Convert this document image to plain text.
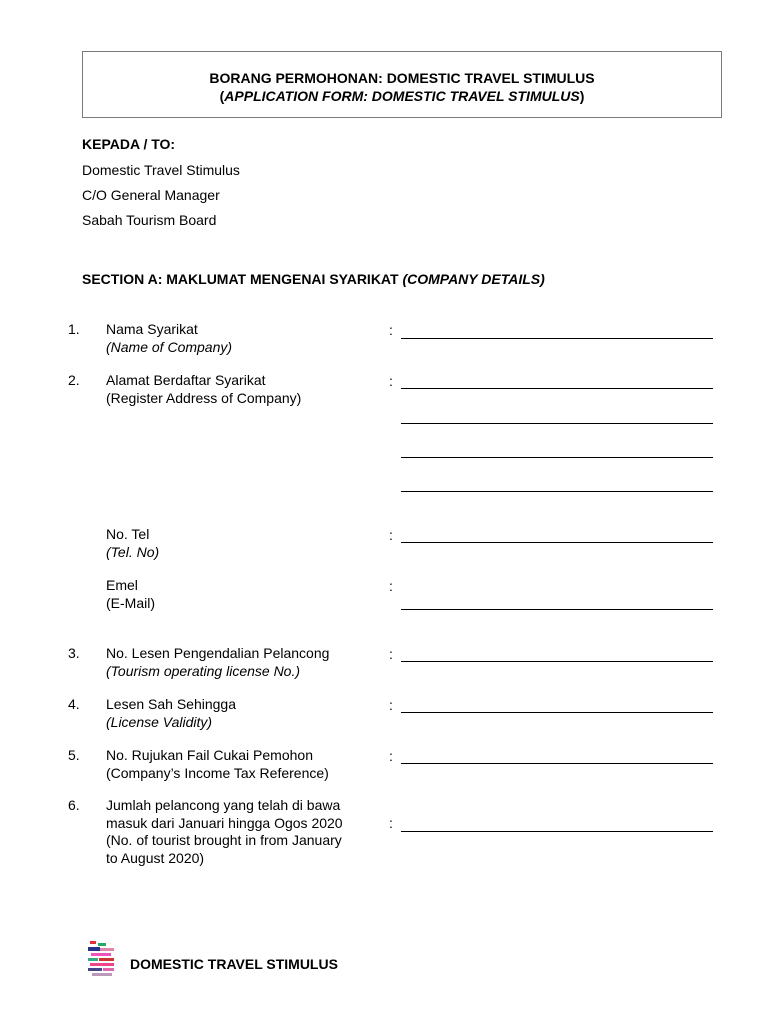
BORANG PERMOHONAN: DOMESTIC TRAVEL STIMULUS
(APPLICATION FORM: DOMESTIC TRAVEL STIMULUS)
KEPADA / TO:
Domestic Travel Stimulus
C/O General Manager
Sabah Tourism Board
SECTION A: MAKLUMAT MENGENAI SYARIKAT (COMPANY DETAILS)
1. Nama Syarikat
(Name of Company)
:
2. Alamat Berdaftar Syarikat
(Register Address of Company)
:
No. Tel
(Tel. No)
:
Emel
(E-Mail)
:
3. No. Lesen Pengendalian Pelancong
(Tourism operating license No.)
:
4. Lesen Sah Sehingga
(License Validity)
:
5. No. Rujukan Fail Cukai Pemohon
(Company’s Income Tax Reference)
:
6. Jumlah pelancong yang telah di bawa
masuk dari Januari hingga Ogos 2020
(No. of tourist brought in from January
to August 2020)
:
DOMESTIC TRAVEL STIMULUS
